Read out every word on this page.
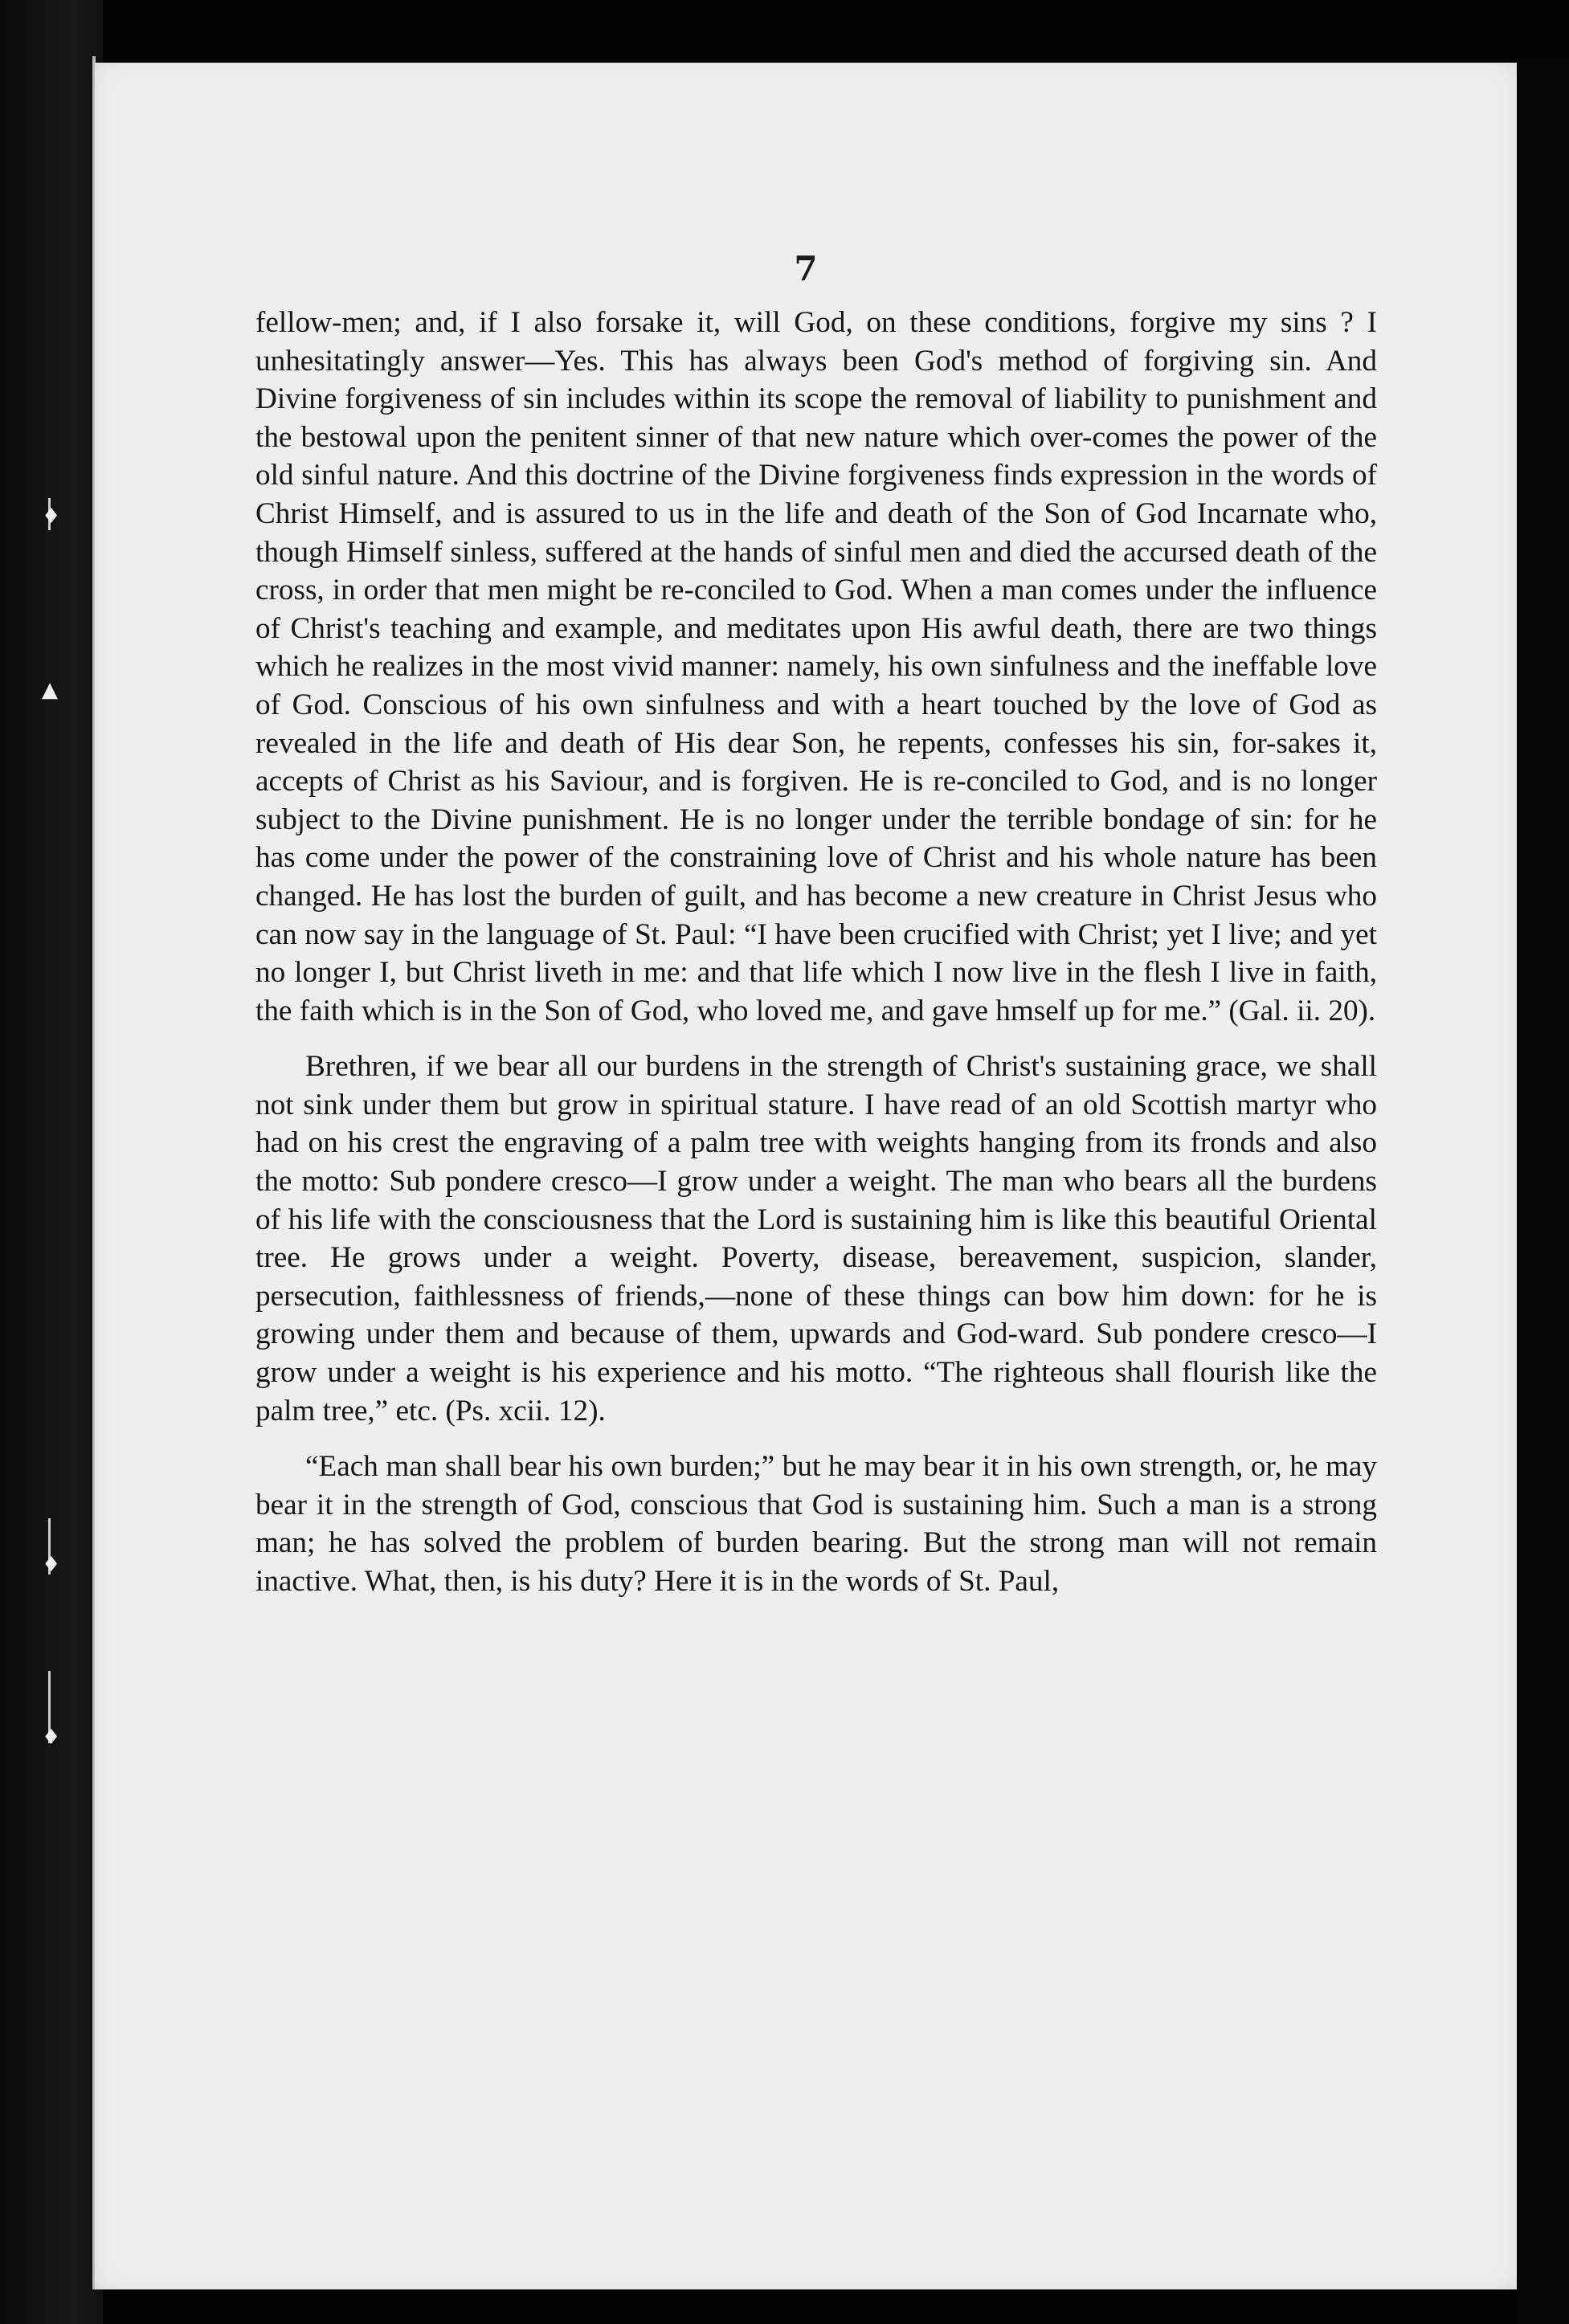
♦
▲
♦
♦
7

fellow-men; and, if I also forsake it, will God, on these conditions, forgive my sins ? I unhesitatingly answer—Yes. This has always been God's method of forgiving sin. And Divine forgiveness of sin includes within its scope the removal of liability to punishment and the bestowal upon the penitent sinner of that new nature which over-comes the power of the old sinful nature. And this doctrine of the Divine forgiveness finds expression in the words of Christ Himself, and is assured to us in the life and death of the Son of God Incarnate who, though Himself sinless, suffered at the hands of sinful men and died the accursed death of the cross, in order that men might be re-conciled to God. When a man comes under the influence of Christ's teaching and example, and meditates upon His awful death, there are two things which he realizes in the most vivid manner: namely, his own sinfulness and the ineffable love of God. Conscious of his own sinfulness and with a heart touched by the love of God as revealed in the life and death of His dear Son, he repents, confesses his sin, for-sakes it, accepts of Christ as his Saviour, and is forgiven. He is re-conciled to God, and is no longer subject to the Divine punishment. He is no longer under the terrible bondage of sin: for he has come under the power of the constraining love of Christ and his whole nature has been changed. He has lost the burden of guilt, and has become a new creature in Christ Jesus who can now say in the language of St. Paul: “I have been crucified with Christ; yet I live; and yet no longer I, but Christ liveth in me: and that life which I now live in the flesh I live in faith, the faith which is in the Son of God, who loved me, and gave hmself up for me.” (Gal. ii. 20).

Brethren, if we bear all our burdens in the strength of Christ's sustaining grace, we shall not sink under them but grow in spiritual stature. I have read of an old Scottish martyr who had on his crest the engraving of a palm tree with weights hanging from its fronds and also the motto: Sub pondere cresco—I grow under a weight. The man who bears all the burdens of his life with the consciousness that the Lord is sustaining him is like this beautiful Oriental tree. He grows under a weight. Poverty, disease, bereavement, suspicion, slander, persecution, faithlessness of friends,—none of these things can bow him down: for he is growing under them and because of them, upwards and God-ward. Sub pondere cresco—I grow under a weight is his experience and his motto. “The righteous shall flourish like the palm tree,” etc. (Ps. xcii. 12).

“Each man shall bear his own burden;” but he may bear it in his own strength, or, he may bear it in the strength of God, conscious that God is sustaining him. Such a man is a strong man; he has solved the problem of burden bearing. But the strong man will not remain inactive. What, then, is his duty? Here it is in the words of St. Paul,
